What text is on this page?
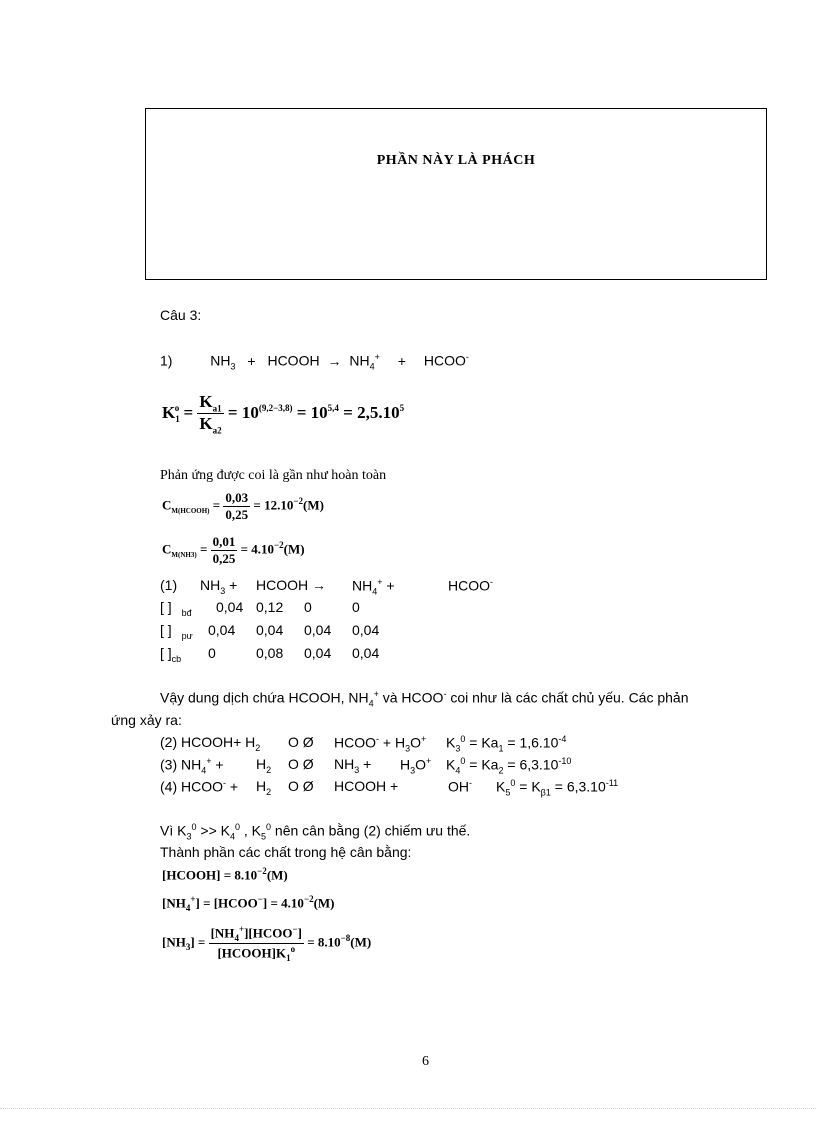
PHẦN NÀY LÀ PHÁCH
Câu 3:
1)	$NH_3$ + HCOOH → $NH_4^+$ + HCOO-
$K_1^o = \frac{K_{a1}}{K_{a2}} = 10^{(9,2-3,8)} = 10^{5,4} = 2,5.10^5$
Phản ứng được coi là gần như hoàn toàn
$C_{M(HCOOH)} = \frac{0,03}{0,25} = 12.10^{-2}(M)$
$C_{M(NH3)} = \frac{0,01}{0,25} = 4.10^{-2}(M)$
(1) $NH_3$ + HCOOH → $NH_4^+$ +	HCOO-
[ ] $_{bđ}$ 0,04 0,12 0	0
[ ] $_{pư}$ 0,04 0,04 0,04 0,04
[ ]$_{cb}$ 0	0,08 0,04 0,04
Vậy dung dịch chứa HCOOH, $NH_4^+$ và HCOO- coi như là các chất chủ yếu. Các phản
ứng xảy ra:
(2) HCOOH+ $H_2$ O Ø HCOO- + $H_3O^+$ $K_3^0 = Ka_1 = 1,6.10^{-4}$
(3) $NH_4^+ + H_2$ O Ø $NH_3 + H_3O^+$ $K_4^0 = Ka_2 = 6,3.10^{-10}$
(4) HCOO- + $H_2$ O Ø HCOOH +	OH- $K_5^0 = K_{\beta 1} = 6,3.10^{-11}$
Vì $K_3^0 >> K_4^0$ , $K_5^0$ nên cân bằng (2) chiếm ưu thế.
Thành phần các chất trong hệ cân bằng:
[HCOOH] = $8.10^{-2}(M)$
$[NH_4^+]$ = [HCOO−] = $4.10^{-2}(M)$
$[NH_3] = \frac{[NH_4^+][HCOO^-]}{[HCOOH]K_1^o} = 8.10^{-8}(M)$
6
